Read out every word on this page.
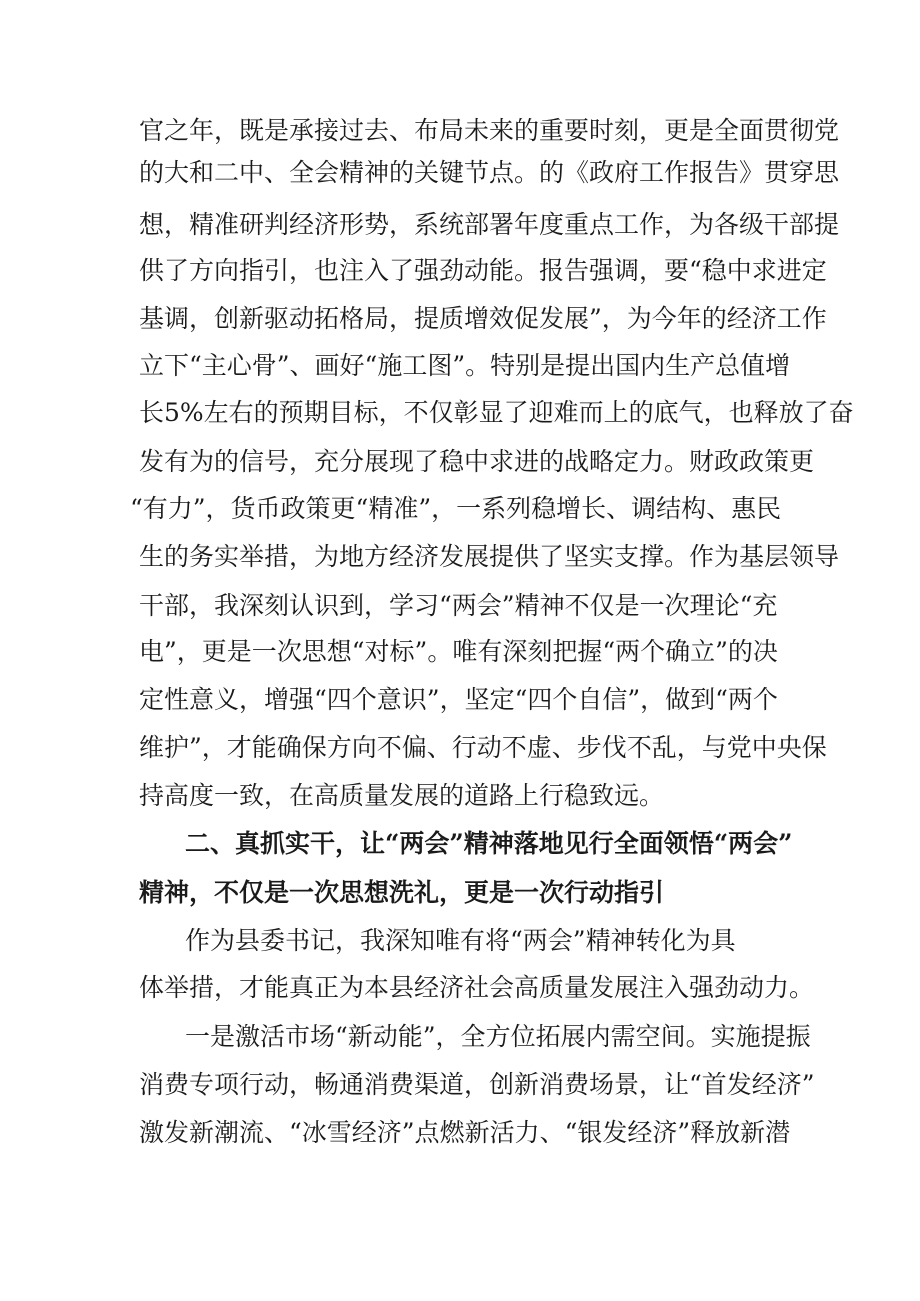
官之年，既是承接过去、布局未来的重要时刻，更是全面贯彻党
的大和二中、全会精神的关键节点。的《政府工作报告》贯穿思
想，精准研判经济形势，系统部署年度重点工作，为各级干部提
供了方向指引，也注入了强劲动能。报告强调，要“稳中求进定
基调，创新驱动拓格局，提质增效促发展”，为今年的经济工作
立下“主心骨”、画好“施工图”。特别是提出国内生产总值增
长5%左右的预期目标，不仅彰显了迎难而上的底气，也释放了奋
发有为的信号，充分展现了稳中求进的战略定力。财政政策更
“有力”，货币政策更“精准”，一系列稳增长、调结构、惠民
生的务实举措，为地方经济发展提供了坚实支撑。作为基层领导
干部，我深刻认识到，学习“两会”精神不仅是一次理论“充
电”，更是一次思想“对标”。唯有深刻把握“两个确立”的决
定性意义，增强“四个意识”，坚定“四个自信”，做到“两个
维护”，才能确保方向不偏、行动不虚、步伐不乱，与党中央保
持高度一致，在高质量发展的道路上行稳致远。
二、真抓实干，让“两会”精神落地见行全面领悟“两会”
精神，不仅是一次思想洗礼，更是一次行动指引
作为县委书记，我深知唯有将“两会”精神转化为具
体举措，才能真正为本县经济社会高质量发展注入强劲动力。
一是激活市场“新动能”，全方位拓展内需空间。实施提振
消费专项行动，畅通消费渠道，创新消费场景，让“首发经济”
激发新潮流、“冰雪经济”点燃新活力、“银发经济”释放新潜
